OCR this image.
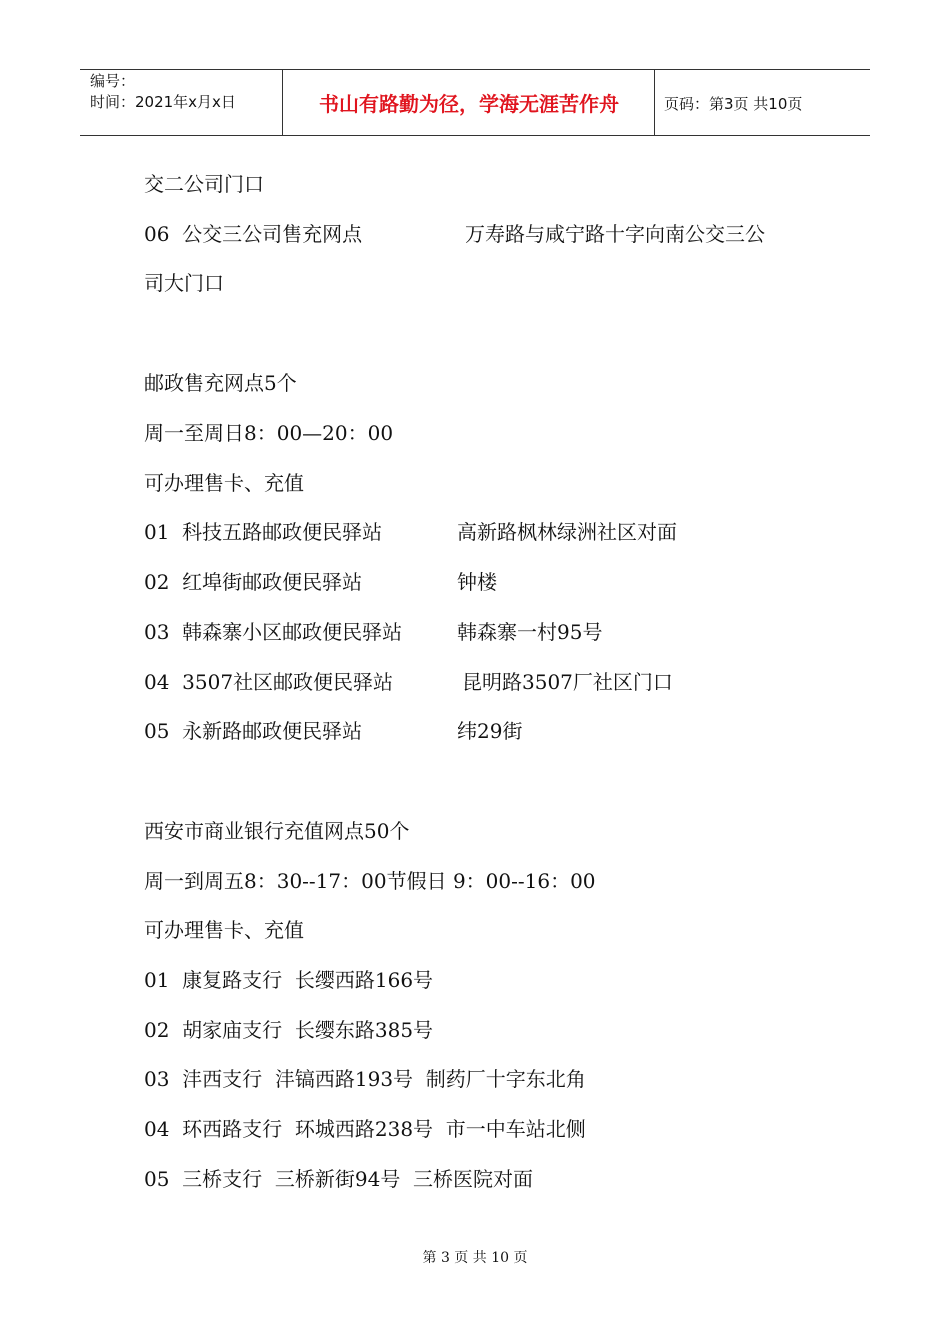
编号：
时间：2021年x月x日	书山有路勤为径，学海无涯苦作舟	页码：第3页 共10页
交二公司门口
06  公交三公司售充网点	万寿路与咸宁路十字向南公交三公
司大门口
邮政售充网点5个
周一至周日8：00—20：00
可办理售卡、充值
01  科技五路邮政便民驿站	高新路枫林绿洲社区对面
02  红埠街邮政便民驿站	钟楼
03  韩森寨小区邮政便民驿站	韩森寨一村95号
04  3507社区邮政便民驿站	昆明路3507厂社区门口
05  永新路邮政便民驿站	纬29街
西安市商业银行充值网点50个
周一到周五8：30--17：00节假日 9：00--16：00
可办理售卡、充值
01  康复路支行  长缨西路166号
02  胡家庙支行  长缨东路385号
03  沣西支行  沣镐西路193号  制药厂十字东北角
04  环西路支行  环城西路238号  市一中车站北侧
05  三桥支行  三桥新街94号  三桥医院对面
第 3 页 共 10 页
